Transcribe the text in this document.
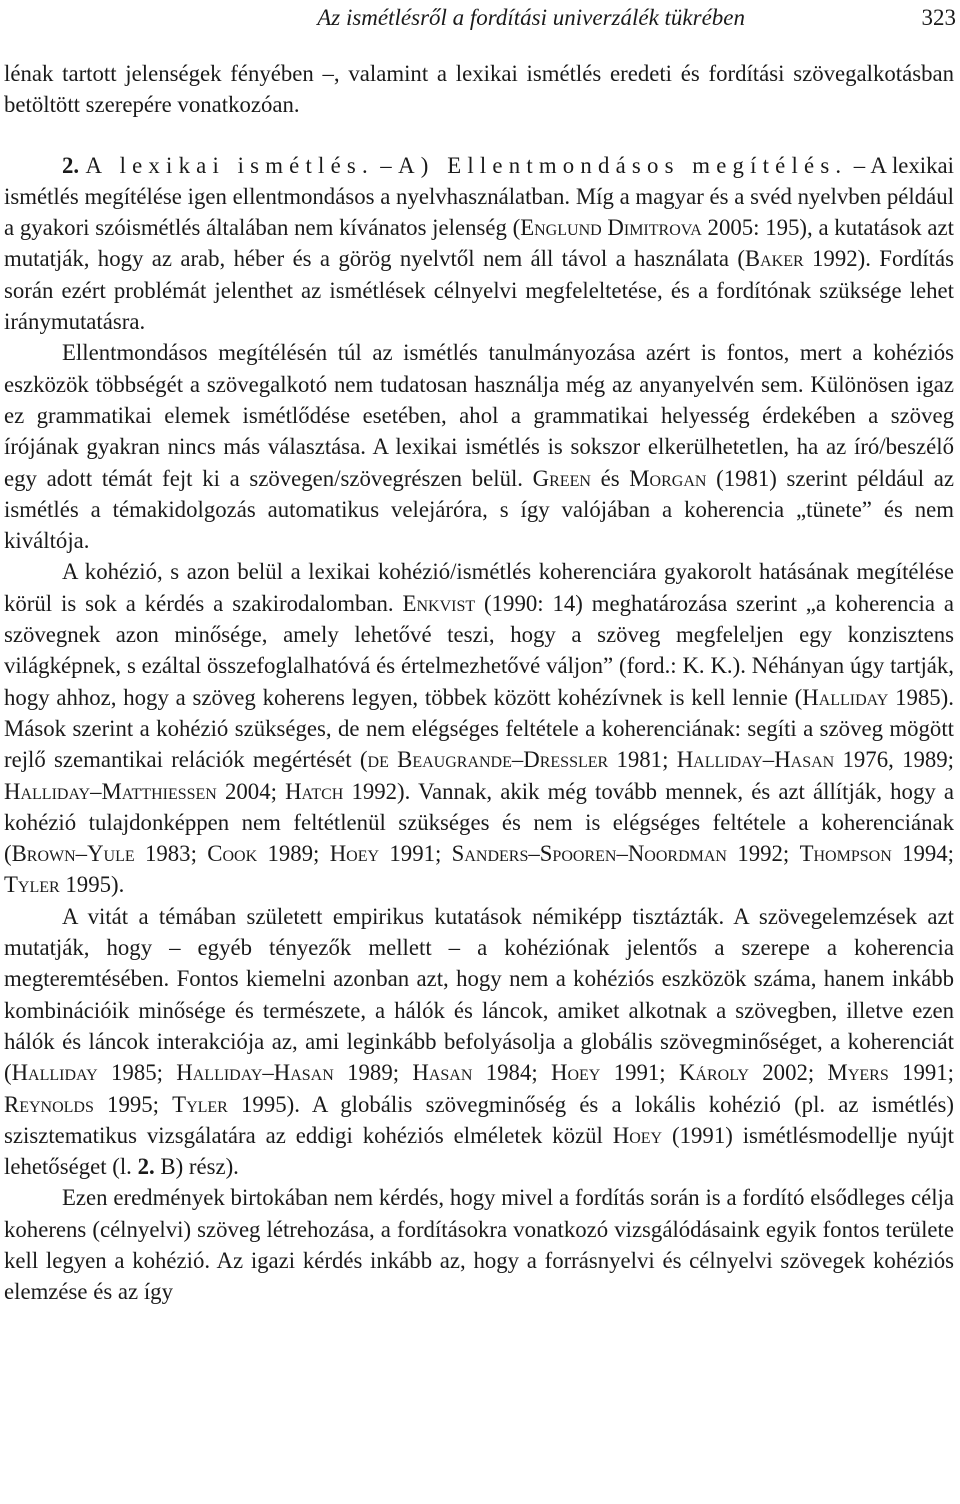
Az ismétlésről a fordítási univerzálék tükrében	323

lénak tartott jelenségek fényében –, valamint a lexikai ismétlés eredeti és fordítási szövegalkotásban betöltött szerepére vonatkozóan.

2. A lexikai ismétlés. – A) Ellentmondásos megítélés. – A lexikai ismétlés megítélése igen ellentmondásos a nyelvhasználatban. Míg a magyar és a svéd nyelvben például a gyakori szóismétlés általában nem kívánatos jelenség (Englund Dimitrova 2005: 195), a kutatások azt mutatják, hogy az arab, héber és a görög nyelvtől nem áll távol a használata (Baker 1992). Fordítás során ezért problémát jelenthet az ismétlések célnyelvi megfeleltetése, és a fordítónak szüksége lehet iránymutatásra.

Ellentmondásos megítélésén túl az ismétlés tanulmányozása azért is fontos, mert a kohéziós eszközök többségét a szövegalkotó nem tudatosan használja még az anyanyelvén sem. Különösen igaz ez grammatikai elemek ismétlődése esetében, ahol a grammatikai helyesség érdekében a szöveg írójának gyakran nincs más választása. A lexikai ismétlés is sokszor elkerülhetetlen, ha az író/beszélő egy adott témát fejt ki a szövegen/szövegrészen belül. Green és Morgan (1981) szerint például az ismétlés a témakidolgozás automatikus velejáróra, s így valójában a koherencia „tünete” és nem kiváltója.

A kohézió, s azon belül a lexikai kohézió/ismétlés koherenciára gyakorolt hatásának megítélése körül is sok a kérdés a szakirodalomban. Enkvist (1990: 14) meghatározása szerint „a koherencia a szövegnek azon minősége, amely lehetővé teszi, hogy a szöveg megfeleljen egy konzisztens világképnek, s ezáltal összefoglalhatóvá és értelmezhetővé váljon” (ford.: K. K.). Néhányan úgy tartják, hogy ahhoz, hogy a szöveg koherens legyen, többek között kohézívnek is kell lennie (Halliday 1985). Mások szerint a kohézió szükséges, de nem elégséges feltétele a koherenciának: segíti a szöveg mögött rejlő szemantikai relációk megértését (de Beaugrande–Dressler 1981; Halliday–Hasan 1976, 1989; Halliday–Matthiessen 2004; Hatch 1992). Vannak, akik még tovább mennek, és azt állítják, hogy a kohézió tulajdonképpen nem feltétlenül szükséges és nem is elégséges feltétele a koherenciának (Brown–Yule 1983; Cook 1989; Hoey 1991; Sanders–Spooren–Noordman 1992; Thompson 1994; Tyler 1995).

A vitát a témában született empirikus kutatások némiképp tisztázták. A szövegelemzések azt mutatják, hogy – egyéb tényezők mellett – a kohéziónak jelentős a szerepe a koherencia megteremtésében. Fontos kiemelni azonban azt, hogy nem a kohéziós eszközök száma, hanem inkább kombinációik minősége és természete, a hálók és láncok, amiket alkotnak a szövegben, illetve ezen hálók és láncok interakciója az, ami leginkább befolyásolja a globális szövegminőséget, a koherenciát (Halliday 1985; Halliday–Hasan 1989; Hasan 1984; Hoey 1991; Károly 2002; Myers 1991; Reynolds 1995; Tyler 1995). A globális szövegminőség és a lokális kohézió (pl. az ismétlés) szisztematikus vizsgálatára az eddigi kohéziós elméletek közül Hoey (1991) ismétlésmodellje nyújt lehetőséget (l. 2. B) rész).

Ezen eredmények birtokában nem kérdés, hogy mivel a fordítás során is a fordító elsődleges célja koherens (célnyelvi) szöveg létrehozása, a fordításokra vonatkozó vizsgálódásaink egyik fontos területe kell legyen a kohézió. Az igazi kérdés inkább az, hogy a forrásnyelvi és célnyelvi szövegek kohéziós elemzése és az így
